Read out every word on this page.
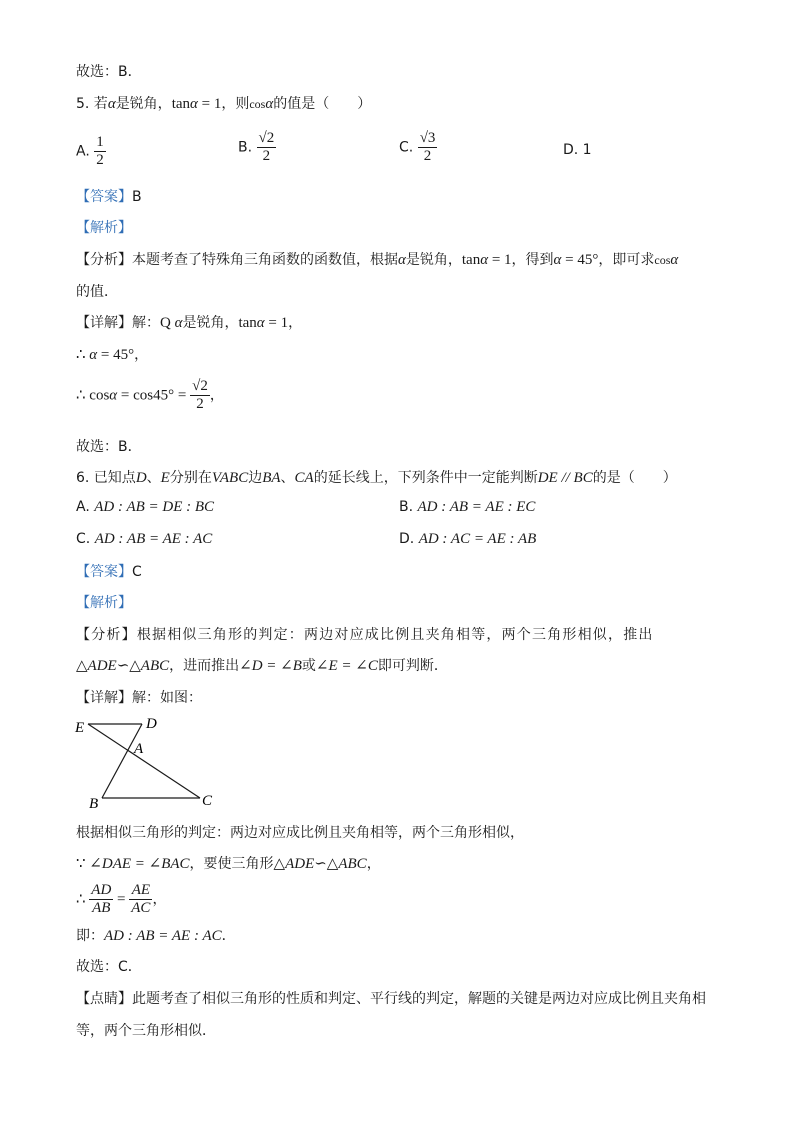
故选：B．
5. 若α是锐角，tanα = 1，则cosα的值是（　　）
A. $\frac{1}{2}$	B. $\frac{√2}{2}$	C. $\frac{√3}{2}$	D. 1
【答案】B
【解析】
【分析】本题考查了特殊角三角函数的函数值，根据α是锐角，tanα = 1，得到α = 45°，即可求cosα
的值．
【详解】解：Q α是锐角，tanα = 1，
∴ α = 45°，
∴ $\cos\alpha = \cos 45^\circ = \frac{√2}{2}$ ，
故选：B．
6. 已知点D、E分别在VABC边BA、CA的延长线上，下列条件中一定能判断DE // BC的是（　　）
A. AD : AB = DE : BC	B. AD : AB = AE : EC
C. AD : AB = AE : AC	D. AD : AC = AE : AB
【答案】C
【解析】
【分析】根据相似三角形的判定：两边对应成比例且夹角相等，两个三角形相似，推出
△ADE∽△ABC，进而推出∠D = ∠B或∠E = ∠C即可判断．
【详解】解：如图：
E	D
A
B	C
根据相似三角形的判定：两边对应成比例且夹角相等，两个三角形相似，
∵ ∠DAE = ∠BAC，要使三角形△ADE∽△ABC，
∴ $\frac{AD}{AB} = \frac{AE}{AC}$ ，
即：AD : AB = AE : AC．
故选：C．
【点睛】此题考查了相似三角形的性质和判定、平行线的判定，解题的关键是两边对应成比例且夹角相
等，两个三角形相似．
